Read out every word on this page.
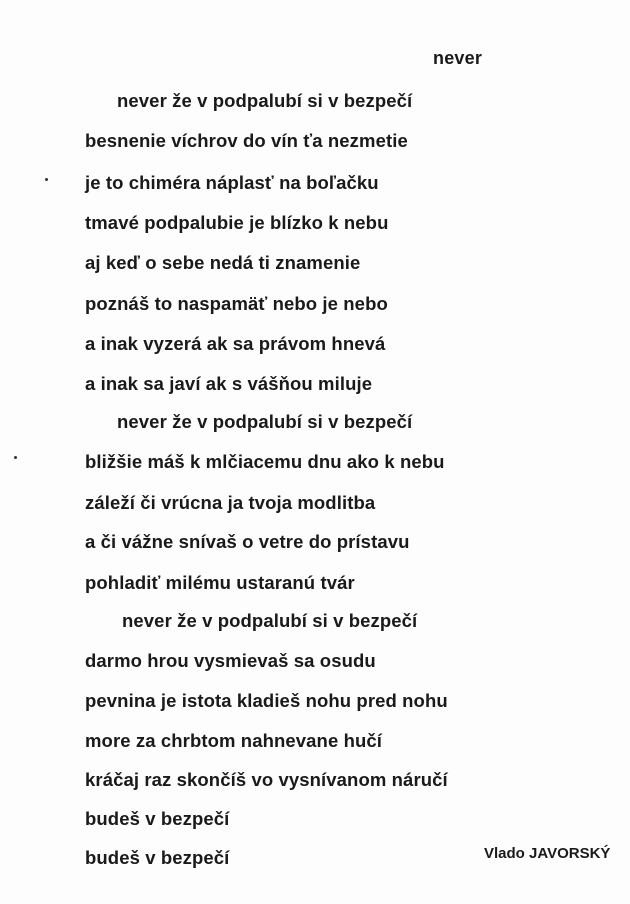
never
never že v podpalubí si v bezpečí
besnenie víchrov do vín ťa nezmetie
je to chiméra náplasť na boľačku
tmavé podpalubie je blízko k nebu
aj keď o sebe nedá ti znamenie
poznáš to naspamäť nebo je nebo
a inak vyzerá ak sa právom hnevá
a inak sa javí ak s vášňou miluje
never že v podpalubí si v bezpečí
bližšie máš k mlčiacemu dnu ako k nebu
záleží či vrúcna ja tvoja modlitba
a či vážne snívaš o vetre do prístavu
pohladiť milému ustaranú tvár
never že v podpalubí si v bezpečí
darmo hrou vysmievaš sa osudu
pevnina je istota kladieš nohu pred nohu
more za chrbtom nahnevane hučí
kráčaj raz skončíš vo vysnívanom náručí
budeš v bezpečí
budeš v bezpečí	Vlado JAVORSKÝ
